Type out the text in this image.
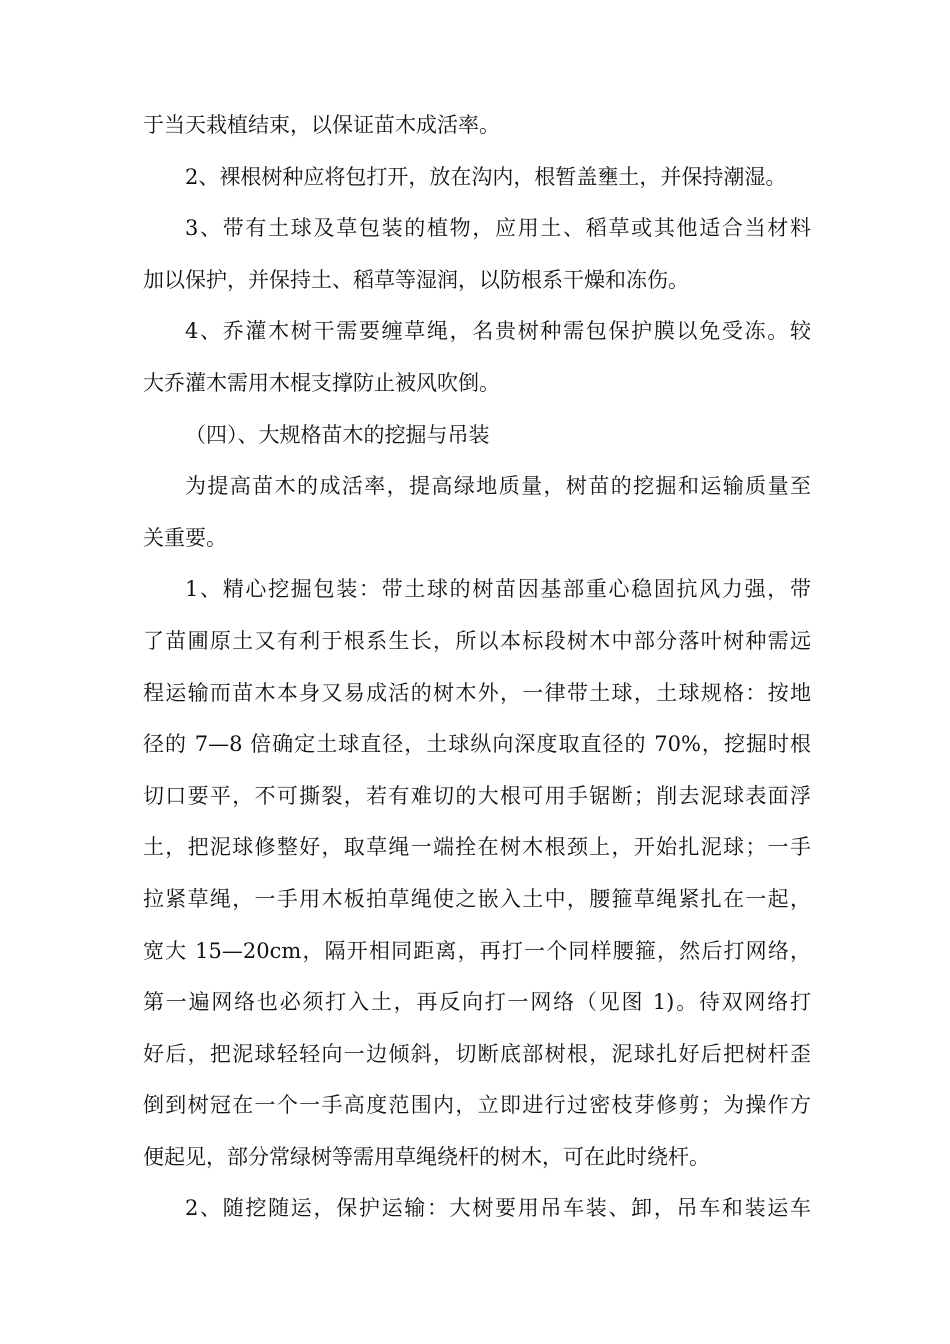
于当天栽植结束，以保证苗木成活率。
2、裸根树种应将包打开，放在沟内，根暂盖壅土，并保持潮湿。
3、带有土球及草包装的植物，应用土、稻草或其他适合当材料
加以保护，并保持土、稻草等湿润，以防根系干燥和冻伤。
4、乔灌木树干需要缠草绳，名贵树种需包保护膜以免受冻。较
大乔灌木需用木棍支撑防止被风吹倒。
（四）、大规格苗木的挖掘与吊装
为提高苗木的成活率，提高绿地质量，树苗的挖掘和运输质量至
关重要。
1、精心挖掘包装：带土球的树苗因基部重心稳固抗风力强，带
了苗圃原土又有利于根系生长，所以本标段树木中部分落叶树种需远
程运输而苗木本身又易成活的树木外，一律带土球，土球规格：按地
径的 7—8 倍确定土球直径，土球纵向深度取直径的 70%，挖掘时根
切口要平，不可撕裂，若有难切的大根可用手锯断；削去泥球表面浮
土，把泥球修整好，取草绳一端拴在树木根颈上，开始扎泥球；一手
拉紧草绳，一手用木板拍草绳使之嵌入土中，腰箍草绳紧扎在一起，
宽大 15—20cm，隔开相同距离，再打一个同样腰箍，然后打网络，
第一遍网络也必须打入土，再反向打一网络（见图 1)。待双网络打
好后，把泥球轻轻向一边倾斜，切断底部树根，泥球扎好后把树杆歪
倒到树冠在一个一手高度范围内，立即进行过密枝芽修剪；为操作方
便起见，部分常绿树等需用草绳绕杆的树木，可在此时绕杆。
2、随挖随运，保护运输：大树要用吊车装、卸，吊车和装运车
